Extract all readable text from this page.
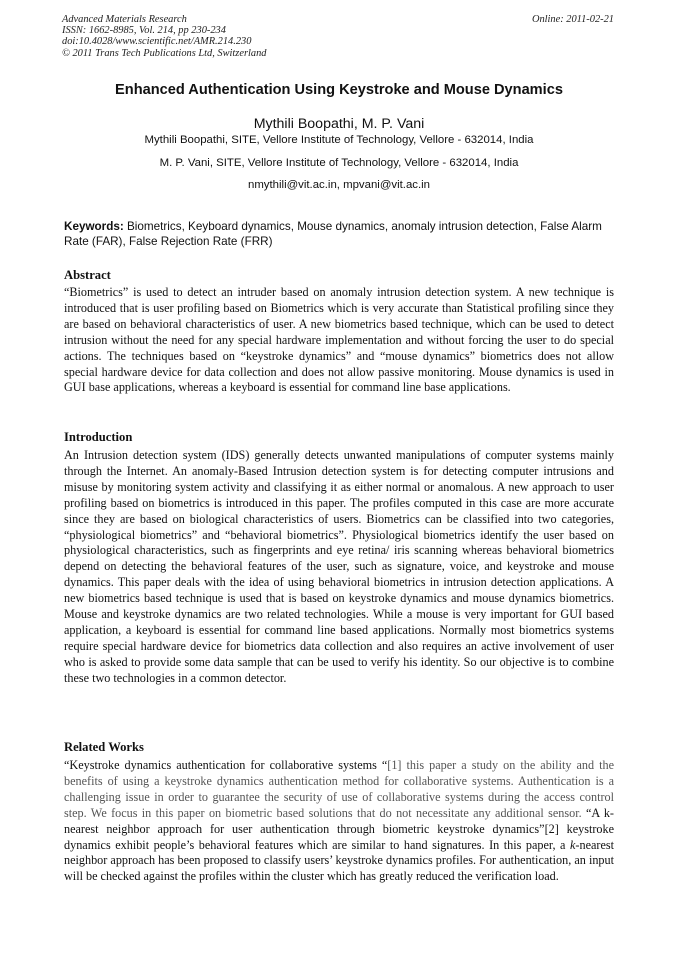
Advanced Materials Research
ISSN: 1662-8985, Vol. 214, pp 230-234
doi:10.4028/www.scientific.net/AMR.214.230
© 2011 Trans Tech Publications Ltd, Switzerland
Online: 2011-02-21
Enhanced Authentication Using Keystroke and Mouse Dynamics
Mythili Boopathi, M. P. Vani
Mythili Boopathi, SITE, Vellore Institute of Technology, Vellore - 632014, India
M. P. Vani, SITE, Vellore Institute of Technology, Vellore - 632014, India
nmythili@vit.ac.in, mpvani@vit.ac.in
Keywords: Biometrics, Keyboard dynamics, Mouse dynamics, anomaly intrusion detection, False Alarm Rate (FAR), False Rejection Rate (FRR)
Abstract
“Biometrics” is used to detect an intruder based on anomaly intrusion detection system. A new technique is introduced that is user profiling based on Biometrics which is very accurate than Statistical profiling since they are based on behavioral characteristics of user. A new biometrics based technique, which can be used to detect intrusion without the need for any special hardware implementation and without forcing the user to do special actions. The techniques based on “keystroke dynamics” and “mouse dynamics” biometrics does not allow special hardware device for data collection and does not allow passive monitoring. Mouse dynamics is used in GUI base applications, whereas a keyboard is essential for command line base applications.
Introduction
An Intrusion detection system (IDS) generally detects unwanted manipulations of computer systems mainly through the Internet. An anomaly-Based Intrusion detection system is for detecting computer intrusions and misuse by monitoring system activity and classifying it as either normal or anomalous. A new approach to user profiling based on biometrics is introduced in this paper. The profiles computed in this case are more accurate since they are based on biological characteristics of users. Biometrics can be classified into two categories, “physiological biometrics” and “behavioral biometrics”. Physiological biometrics identify the user based on physiological characteristics, such as fingerprints and eye retina/ iris scanning whereas behavioral biometrics depend on detecting the behavioral features of the user, such as signature, voice, and keystroke and mouse dynamics. This paper deals with the idea of using behavioral biometrics in intrusion detection applications. A new biometrics based technique is used that is based on keystroke dynamics and mouse dynamics biometrics. Mouse and keystroke dynamics are two related technologies. While a mouse is very important for GUI based application, a keyboard is essential for command line based applications. Normally most biometrics systems require special hardware device for biometrics data collection and also requires an active involvement of user who is asked to provide some data sample that can be used to verify his identity. So our objective is to combine these two technologies in a common detector.
Related Works
“Keystroke dynamics authentication for collaborative systems “[1] this paper a study on the ability and the benefits of using a keystroke dynamics authentication method for collaborative systems. Authentication is a challenging issue in order to guarantee the security of use of collaborative systems during the access control step. We focus in this paper on biometric based solutions that do not necessitate any additional sensor. “A k-nearest neighbor approach for user authentication through biometric keystroke dynamics”[2] keystroke dynamics exhibit people’s behavioral features which are similar to hand signatures. In this paper, a k-nearest neighbor approach has been proposed to classify users’ keystroke dynamics profiles. For authentication, an input will be checked against the profiles within the cluster which has greatly reduced the verification load.
